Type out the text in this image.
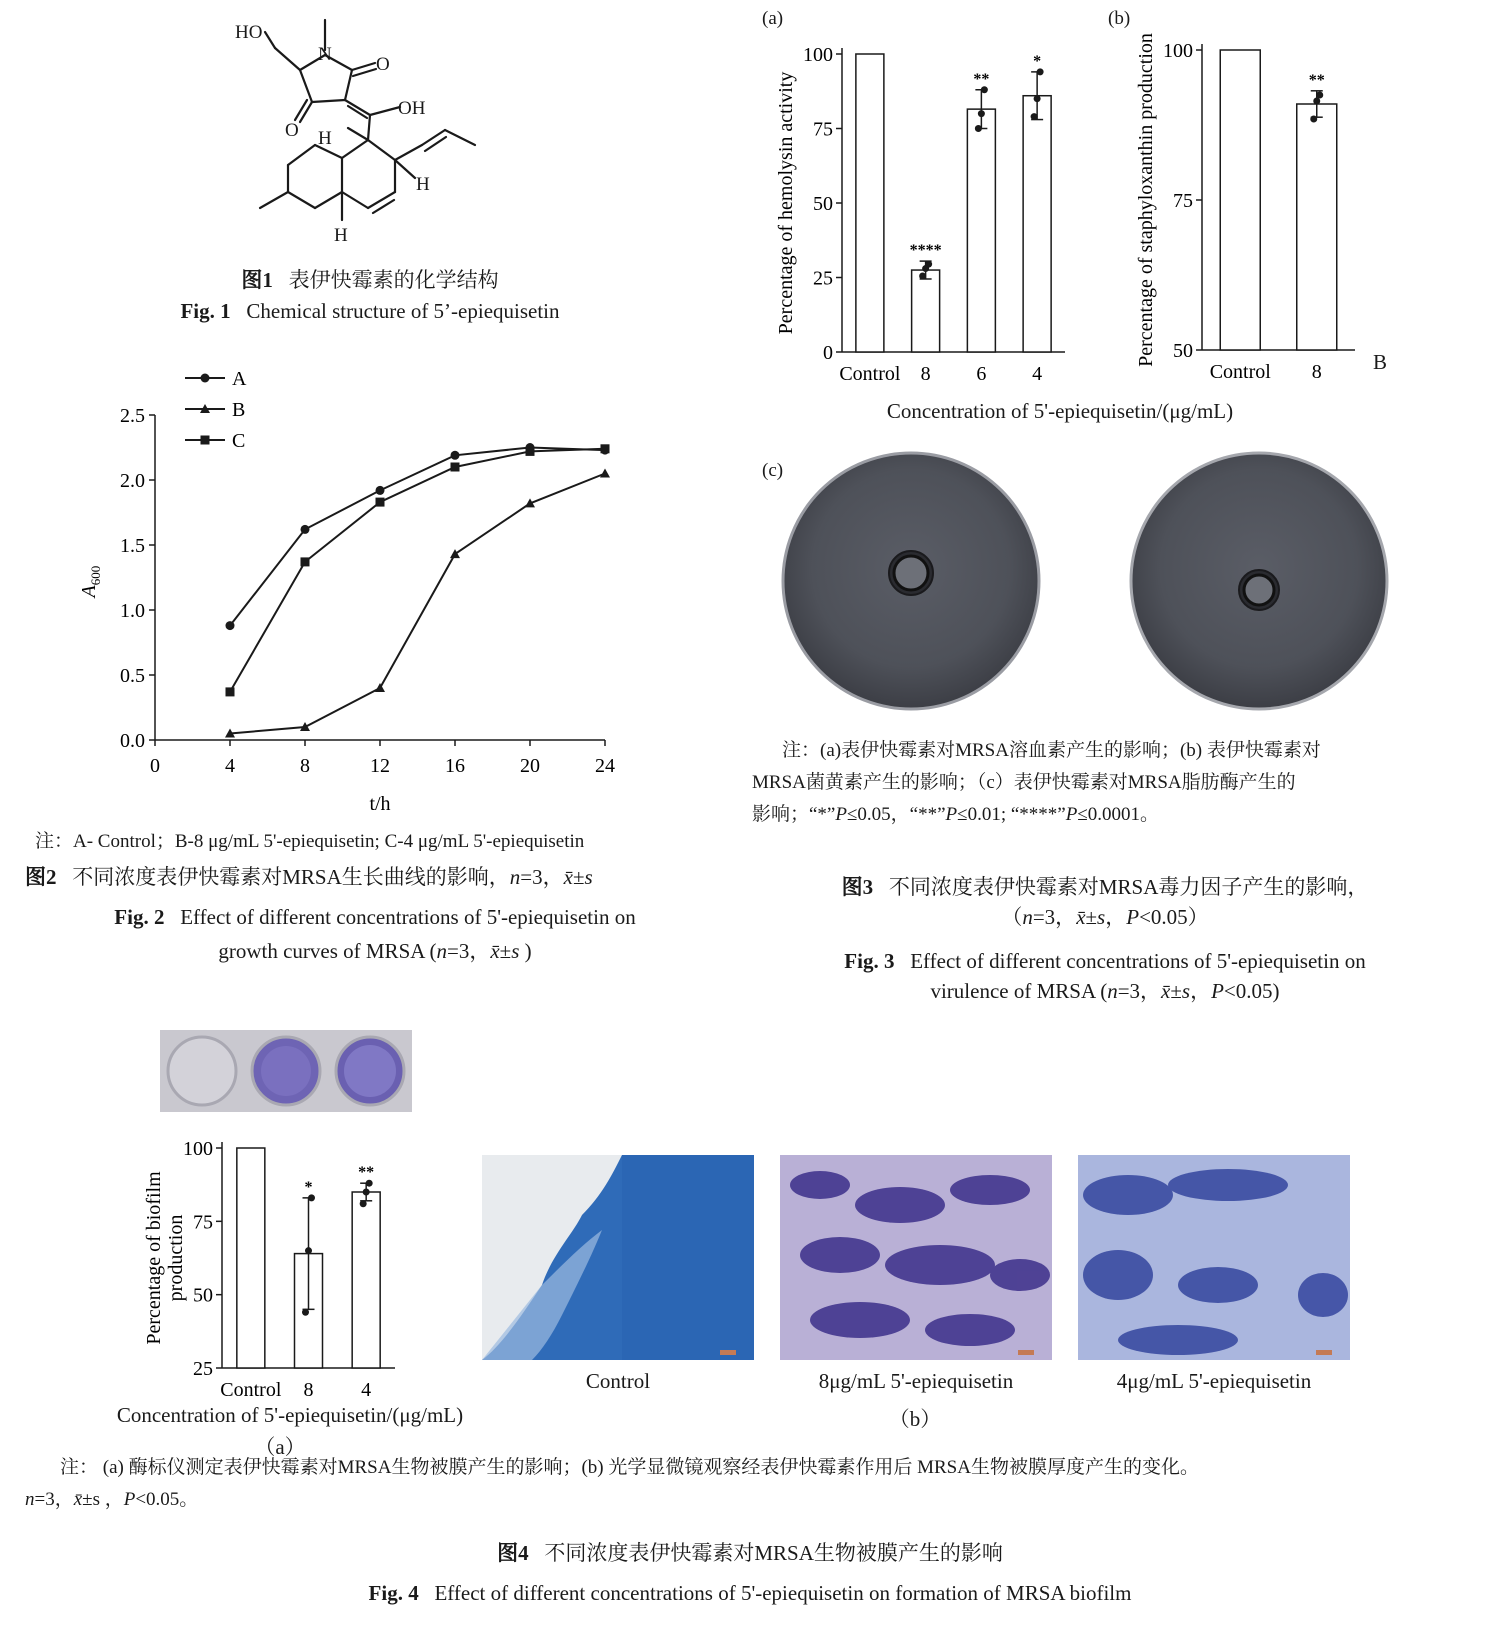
HO
N O
O
OH
H
H
H
图1 表伊快霉素的化学结构
Fig. 1 Chemical structure of 5’-epiequisetin
0.0
0.5
1.0
1.5
2.0
2.5
0	4	8	12	16	20	24
t/h
$A_{600}$
A
B
C
注：A- Control；B-8 μg/mL 5'-epiequisetin; C-4 μg/mL 5'-epiequisetin
图2 不同浓度表伊快霉素对MRSA生长曲线的影响，n=3，x̄±s
Fig. 2 Effect of different concentrations of 5'-epiequisetin on
growth curves of MRSA (n=3，x̄±s )
(a)
0
25
50
75
100
Control 8
****
6
**
4
*
Percentage of hemolysin activity
(b)
50
75
100
Control 8
**
Percentage of staphyloxanthin production	B
Concentration of 5'-epiequisetin/(μg/mL)
(c)
注：(a)表伊快霉素对MRSA溶血素产生的影响；(b) 表伊快霉素对
MRSA菌黄素产生的影响；（c）表伊快霉素对MRSA脂肪酶产生的
影响；“*”P≤0.05，“**”P≤0.01; “****”P≤0.0001。
图3 不同浓度表伊快霉素对MRSA毒力因子产生的影响，
（n=3，x̄±s，P<0.05）
Fig. 3 Effect of different concentrations of 5'-epiequisetin on
virulence of MRSA (n=3，x̄±s，P<0.05)
25
50
75
100
Control 8
*
4
**
Percentage of biofilm production
Concentration of 5'-epiequisetin/(μg/mL)
（a）
Control	8μg/mL 5'-epiequisetin	4μg/mL 5'-epiequisetin
（b）
注： (a) 酶标仪测定表伊快霉素对MRSA生物被膜产生的影响；(b) 光学显微镜观察经表伊快霉素作用后 MRSA生物被膜厚度产生的变化。
n=3，x̄±s ，P<0.05。
图4 不同浓度表伊快霉素对MRSA生物被膜产生的影响
Fig. 4 Effect of different concentrations of 5'-epiequisetin on formation of MRSA biofilm
